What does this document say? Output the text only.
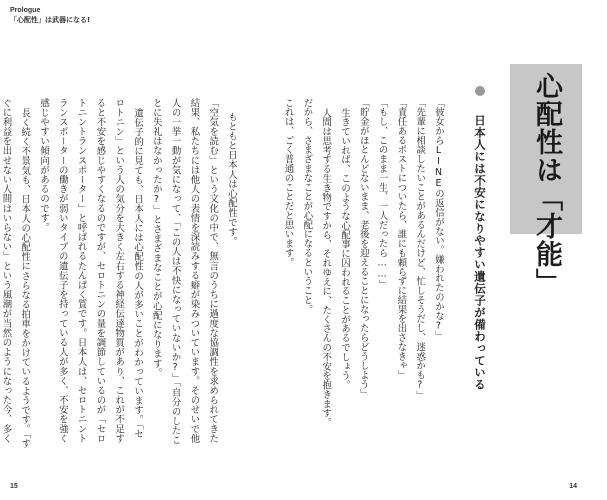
Prologue
「心配性」は武器になる!
もともと日本人は心配性です。
「空気を読む」という文化の中で、無言のうちに過度な協調性を求められてきた
結果、私たちには他人の表情を深読みする癖が染みついています。そのせいで他
人の一挙一動が気になって、「この人は不快になっていないか?」「自分のしたこ
とに失礼はなかったか?」とさまざまなことが心配になります。
遺伝子的に見ても、日本人には心配性の人が多いことがわかっています。「セ
ロトニン」という人の気分を大きく左右する神経伝達物質があり、これが不足す
ると不安を感じやすくなるのですが、セロトニンの量を調節しているのが「セロ
トニントランスポーター」と呼ばれるたんぱく質です。日本人は、セロトニント
ランスポーターの働きが弱いタイプの遺伝子を持っている人が多く、不安を強く
感じやすい傾向があるのです。
長く続く不景気も、日本人の心配性にさらなる拍車をかけているようです。「す
ぐに利益を出せない人間はいらない」という風潮が当然のようになった今、多く	「彼女からLINEの返信がない。嫌われたのかな?」
「先輩に相談したいことがあるんだけど、忙しそうだし、迷惑かも?」
「責任あるポストについたら、誰にも頼らずに結果を出さなきゃ」
「もし、このまま一生、一人だったら……」
「貯金がほとんどないまま、老後を迎えることになったらどうしよう」
生きていれば、このような心配事に囚われることがあるでしょう。
人間は思考する生き物ですから、それゆえに、たくさんの不安を抱きます。
だから、さまざまなことが心配になるということ。
これは、ごく普通のことだと思います。	日本人には不安になりやすい遺伝子が備わっている	心配性は「才能」
15	14
